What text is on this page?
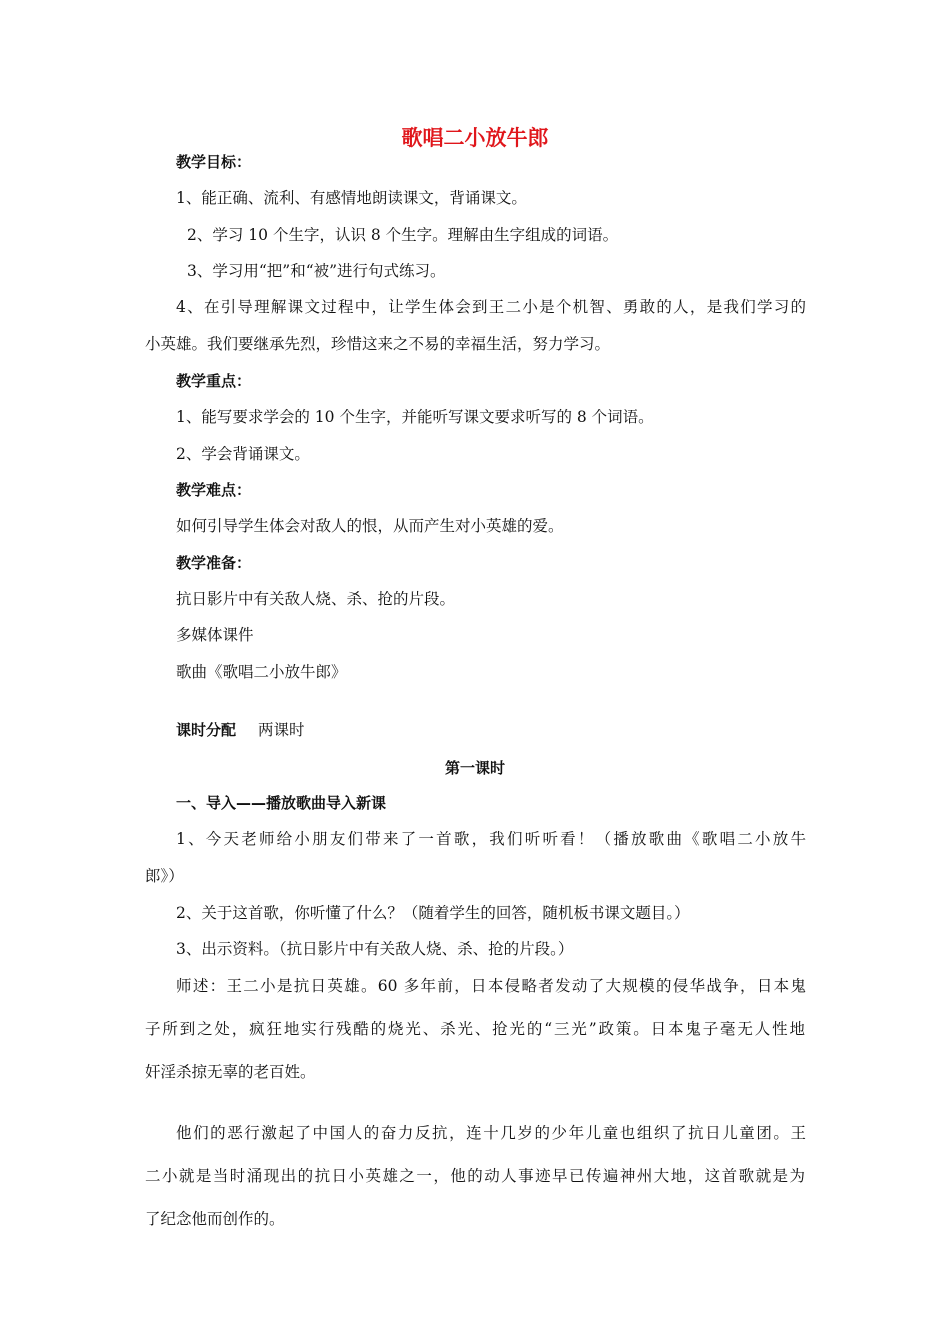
歌唱二小放牛郎
教学目标：
1、能正确、流利、有感情地朗读课文，背诵课文。
2、学习 10 个生字，认识 8 个生字。理解由生字组成的词语。
3、学习用“把”和“被”进行句式练习。
4、在引导理解课文过程中，让学生体会到王二小是个机智、勇敢的人，是我们学习的
小英雄。我们要继承先烈，珍惜这来之不易的幸福生活，努力学习。
教学重点：
1、能写要求学会的 10 个生字，并能听写课文要求听写的 8 个词语。
2、学会背诵课文。
教学难点：
如何引导学生体会对敌人的恨，从而产生对小英雄的爱。
教学准备：
抗日影片中有关敌人烧、杀、抢的片段。
多媒体课件
歌曲《歌唱二小放牛郎》
课时分配 两课时
第一课时
一、导入——播放歌曲导入新课
1、今天老师给小朋友们带来了一首歌，我们听听看！（播放歌曲《歌唱二小放牛
郎》）
2、关于这首歌，你听懂了什么？（随着学生的回答，随机板书课文题目。）
3、出示资料。（抗日影片中有关敌人烧、杀、抢的片段。）
师述：王二小是抗日英雄。60 多年前，日本侵略者发动了大规模的侵华战争，日本鬼
子所到之处，疯狂地实行残酷的烧光、杀光、抢光的“三光”政策。日本鬼子毫无人性地
奸淫杀掠无辜的老百姓。
他们的恶行激起了中国人的奋力反抗，连十几岁的少年儿童也组织了抗日儿童团。王
二小就是当时涌现出的抗日小英雄之一，他的动人事迹早已传遍神州大地，这首歌就是为
了纪念他而创作的。
